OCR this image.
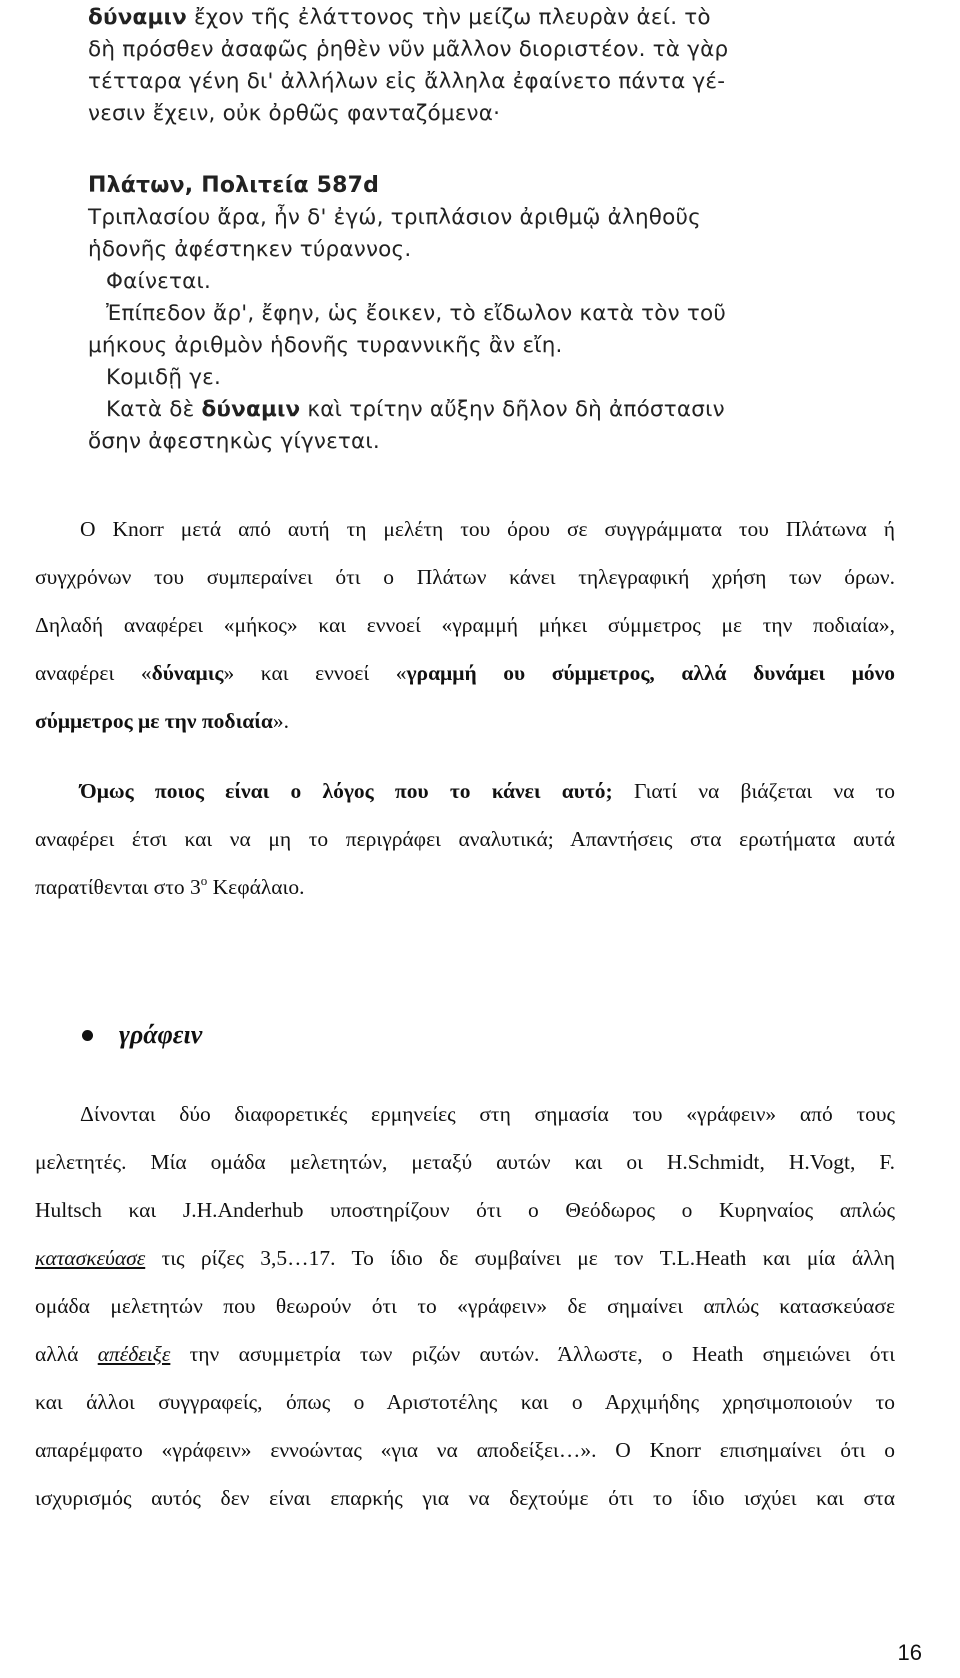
δύναμιν ἔχον τῆς ἐλάττονος τὴν μείζω πλευρὰν ἀεί. τὸ
δὴ πρόσθεν ἀσαφῶς ῥηθὲν νῦν μᾶλλον διοριστέον. τὰ γὰρ
τέτταρα γένη δι' ἀλλήλων εἰς ἄλληλα ἐφαίνετο πάντα γέ-
νεσιν ἔχειν, οὐκ ὀρθῶς φανταζόμενα·
Πλάτων, Πολιτεία 587d
Τριπλασίου ἄρα, ἦν δ' ἐγώ, τριπλάσιον ἀριθμῷ ἀληθοῦς
ἡδονῆς ἀφέστηκεν τύραννος.
Φαίνεται.
Ἐπίπεδον ἄρ', ἔφην, ὡς ἔοικεν, τὸ εἴδωλον κατὰ τὸν τοῦ
μήκους ἀριθμὸν ἡδονῆς τυραννικῆς ἂν εἴη.
Κομιδῇ γε.
Κατὰ δὲ δύναμιν καὶ τρίτην αὔξην δῆλον δὴ ἀπόστασιν
ὅσην ἀφεστηκὼς γίγνεται.
Ο Knorr μετά από αυτή τη μελέτη του όρου σε συγγράμματα του Πλάτωνα ή
συγχρόνων του συμπεραίνει ότι ο Πλάτων κάνει τηλεγραφική χρήση των όρων.
Δηλαδή αναφέρει «μήκος» και εννοεί «γραμμή μήκει σύμμετρος με την ποδιαία»,
αναφέρει «δύναμις» και εννοεί «γραμμή ου σύμμετρος, αλλά δυνάμει μόνο
σύμμετρος με την ποδιαία».
Όμως ποιος είναι ο λόγος που το κάνει αυτό; Γιατί να βιάζεται να το
αναφέρει έτσι και να μη το περιγράφει αναλυτικά; Απαντήσεις στα ερωτήματα αυτά
παρατίθενται στο $3^o$ Κεφάλαιο.
γράφειν
Δίνονται δύο διαφορετικές ερμηνείες στη σημασία του «γράφειν» από τους
μελετητές. Μία ομάδα μελετητών, μεταξύ αυτών και οι H.Schmidt, H.Vogt, F.
Hultsch και J.H.Anderhub υποστηρίζουν ότι ο Θεόδωρος ο Κυρηναίος απλώς
κατασκεύασε τις ρίζες 3,5…17. Το ίδιο δε συμβαίνει με τον T.L.Heath και μία άλλη
ομάδα μελετητών που θεωρούν ότι το «γράφειν» δε σημαίνει απλώς κατασκεύασε
αλλά απέδειξε την ασυμμετρία των ριζών αυτών. Άλλωστε, ο Heath σημειώνει ότι
και άλλοι συγγραφείς, όπως ο Αριστοτέλης και ο Αρχιμήδης χρησιμοποιούν το
απαρέμφατο «γράφειν» εννοώντας «για να αποδείξει…». Ο Knorr επισημαίνει ότι ο
ισχυρισμός αυτός δεν είναι επαρκής για να δεχτούμε ότι το ίδιο ισχύει και στα
16
